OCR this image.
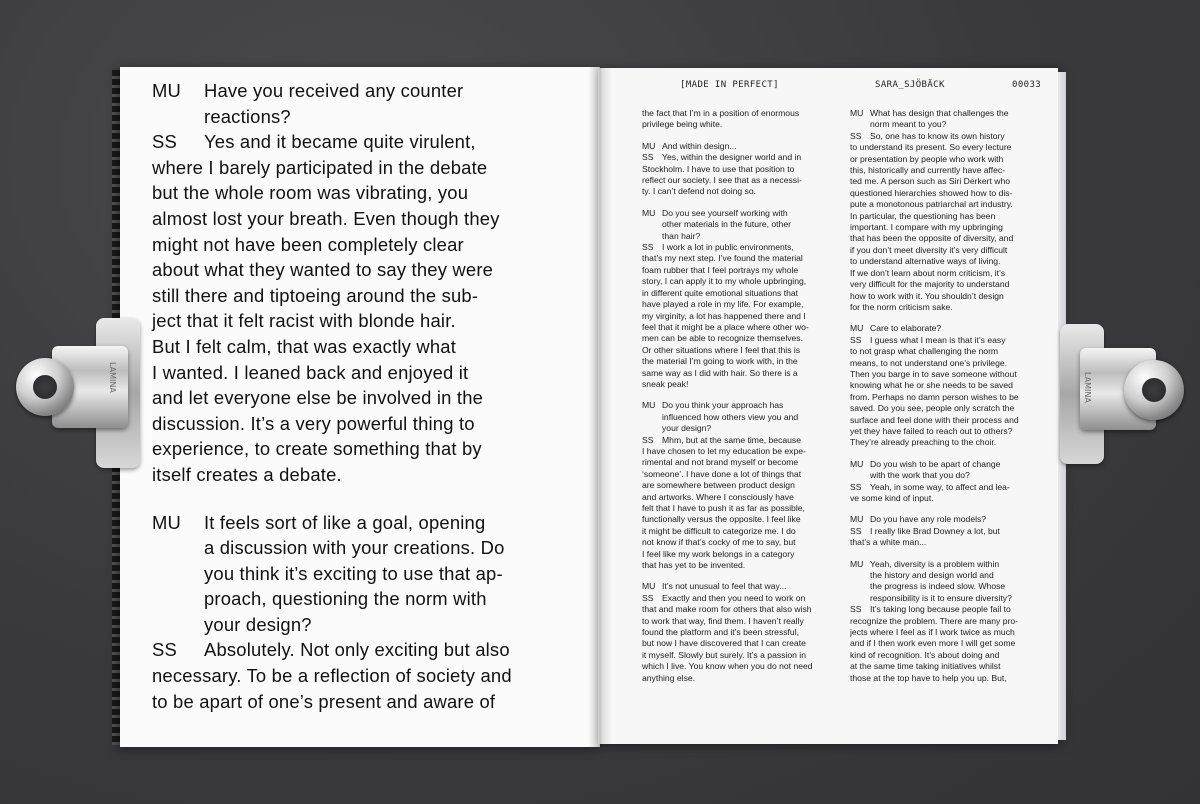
MU Have you received any counter
reactions?

SS Yes and it became quite virulent,
where I barely participated in the debate
but the whole room was vibrating, you
almost lost your breath. Even though they
might not have been completely clear
about what they wanted to say they were
still there and tiptoeing around the sub-
ject that it felt racist with blonde hair.
But I felt calm, that was exactly what
I wanted. I leaned back and enjoyed it
and let everyone else be involved in the
discussion. It’s a very powerful thing to
experience, to create something that by
itself creates a debate.
MU It feels sort of like a goal, opening
a discussion with your creations. Do
you think it’s exciting to use that ap-
proach, questioning the norm with
your design?
SS Absolutely. Not only exciting but also
necessary. To be a reflection of society and
to be apart of one’s present and aware of
[MADE IN PERFECT]	SARA_SJÖBÄCK	00033
the fact that I’m in a position of enormous
privilege being white.
MU And within design...
SS Yes, within the designer world and in
Stockholm. I have to use that position to
reflect our society. I see that as a necessi-
ty. I can’t defend not doing so.
MU Do you see yourself working with
other materials in the future, other
than hair?
SS I work a lot in public environments,
that’s my next step. I’ve found the material
foam rubber that I feel portrays my whole
story, I can apply it to my whole upbringing,
in different quite emotional situations that
have played a role in my life. For example,
my virginity, a lot has happened there and I
feel that it might be a place where other wo-
men can be able to recognize themselves.
Or other situations where I feel that this is
the material I’m going to work with, in the
same way as I did with hair. So there is a
sneak peak!
MU Do you think your approach has
influenced how others view you and
your design?
SS Mhm, but at the same time, because
I have chosen to let my education be expe-
rimental and not brand myself or become
‘someone’. I have done a lot of things that
are somewhere between product design
and artworks. Where I consciously have
felt that I have to push it as far as possible,
functionally versus the opposite. I feel like
it might be difficult to categorize me. I do
not know if that’s cocky of me to say, but
I feel like my work belongs in a category
that has yet to be invented.
MU It’s not unusual to feel that way...
SS Exactly and then you need to work on
that and make room for others that also wish
to work that way, find them. I haven’t really
found the platform and it’s been stressful,
but now I have discovered that I can create
it myself. Slowly but surely. It’s a passion in
which I live. You know when you do not need
anything else.
MU What has design that challenges the
norm meant to you?
SS So, one has to know its own history
to understand its present. So every lecture
or presentation by people who work with
this, historically and currently have affec-
ted me. A person such as Siri Derkert who
questioned hierarchies showed how to dis-
pute a monotonous patriarchal art industry.
In particular, the questioning has been
important. I compare with my upbringing
that has been the opposite of diversity, and
if you don’t meet diversity it’s very difficult
to understand alternative ways of living.
If we don’t learn about norm criticism, it’s
very difficult for the majority to understand
how to work with it. You shouldn’t design
for the norm criticism sake.
MU Care to elaborate?
SS I guess what I mean is that it’s easy
to not grasp what challenging the norm
means, to not understand one’s privilege.
Then you barge in to save someone without
knowing what he or she needs to be saved
from. Perhaps no damn person wishes to be
saved. Do you see, people only scratch the
surface and feel done with their process and
yet they have failed to reach out to others?
They’re already preaching to the choir.
MU Do you wish to be apart of change
with the work that you do?
SS Yeah, in some way, to affect and lea-
ve some kind of input.
MU Do you have any role models?
SS I really like Brad Downey a lot, but
that’s a white man...
MU Yeah, diversity is a problem within
the history and design world and
the progress is indeed slow. Whose
responsibility is it to ensure diversity?
SS It’s taking long because people fail to
recognize the problem. There are many pro-
jects where I feel as if I work twice as much
and if I then work even more I will get some
kind of recognition. It’s about doing and
at the same time taking initiatives whilst
those at the top have to help you up. But,
LAMINA	LAMINA
